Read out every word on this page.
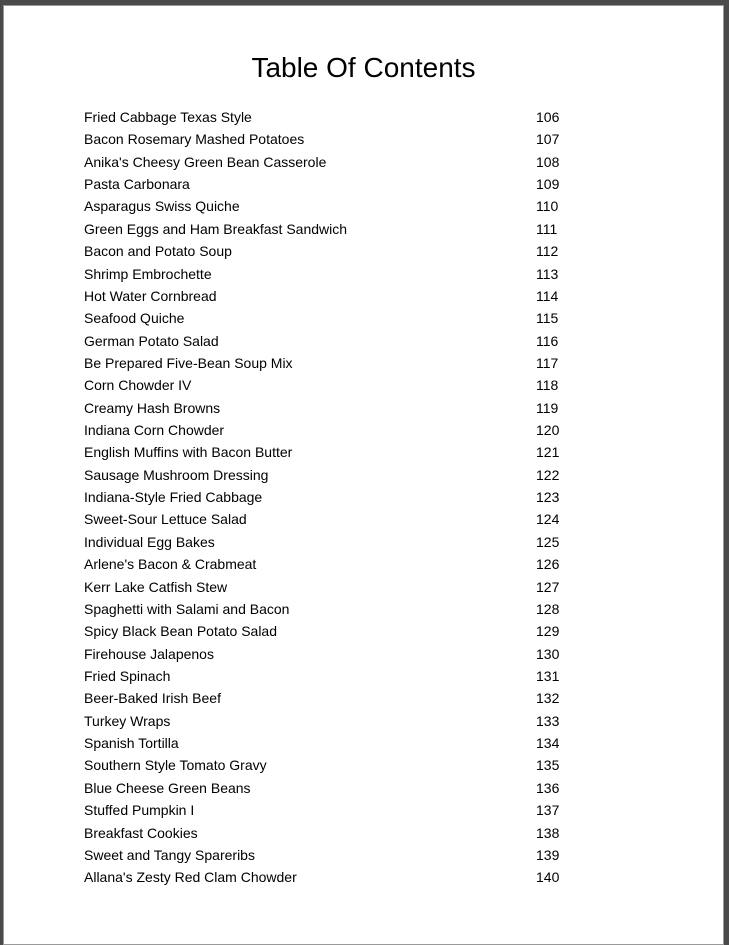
Table Of Contents
Fried Cabbage Texas Style	106
Bacon Rosemary Mashed Potatoes	107
Anika's Cheesy Green Bean Casserole	108
Pasta Carbonara	109
Asparagus Swiss Quiche	110
Green Eggs and Ham Breakfast Sandwich	111
Bacon and Potato Soup	112
Shrimp Embrochette	113
Hot Water Cornbread	114
Seafood Quiche	115
German Potato Salad	116
Be Prepared Five-Bean Soup Mix	117
Corn Chowder IV	118
Creamy Hash Browns	119
Indiana Corn Chowder	120
English Muffins with Bacon Butter	121
Sausage Mushroom Dressing	122
Indiana-Style Fried Cabbage	123
Sweet-Sour Lettuce Salad	124
Individual Egg Bakes	125
Arlene's Bacon & Crabmeat	126
Kerr Lake Catfish Stew	127
Spaghetti with Salami and Bacon	128
Spicy Black Bean Potato Salad	129
Firehouse Jalapenos	130
Fried Spinach	131
Beer-Baked Irish Beef	132
Turkey Wraps	133
Spanish Tortilla	134
Southern Style Tomato Gravy	135
Blue Cheese Green Beans	136
Stuffed Pumpkin I	137
Breakfast Cookies	138
Sweet and Tangy Spareribs	139
Allana's Zesty Red Clam Chowder	140
